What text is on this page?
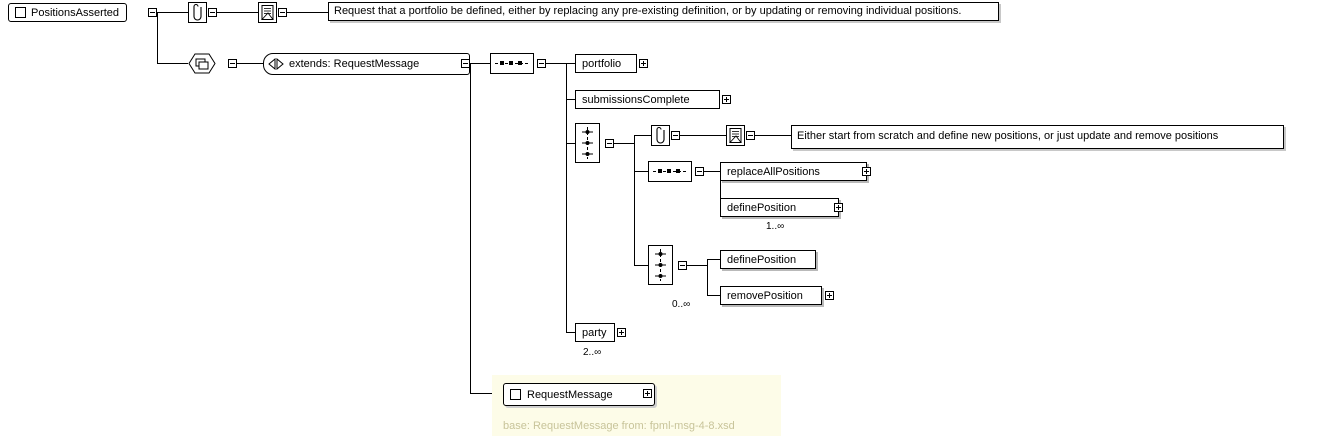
PositionsAsserted	Request that a portfolio be defined, either by replacing any pre-existing definition, or by updating or removing individual positions.
extends: RequestMessage	portfolio
submissionsComplete
Either start from scratch and define new positions, or just update and remove positions
replaceAllPositions
definePosition
1..∞
0..∞
definePosition
removePosition
party
2..∞
RequestMessage
base: RequestMessage from: fpml-msg-4-8.xsd
